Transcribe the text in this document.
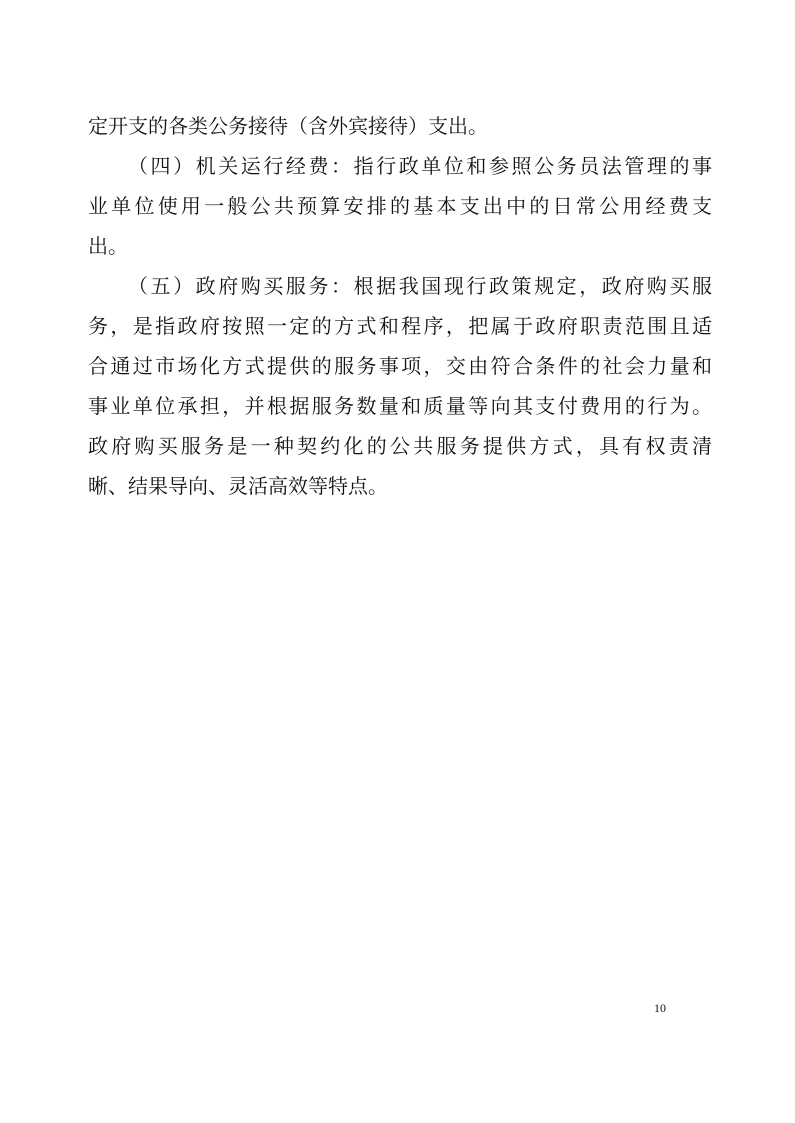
定开支的各类公务接待（含外宾接待）支出。
（四）机关运行经费：指行政单位和参照公务员法管理的事
业单位使用一般公共预算安排的基本支出中的日常公用经费支
出。
（五）政府购买服务：根据我国现行政策规定，政府购买服
务，是指政府按照一定的方式和程序，把属于政府职责范围且适
合通过市场化方式提供的服务事项，交由符合条件的社会力量和
事业单位承担，并根据服务数量和质量等向其支付费用的行为。
政府购买服务是一种契约化的公共服务提供方式，具有权责清
晰、结果导向、灵活高效等特点。
10
